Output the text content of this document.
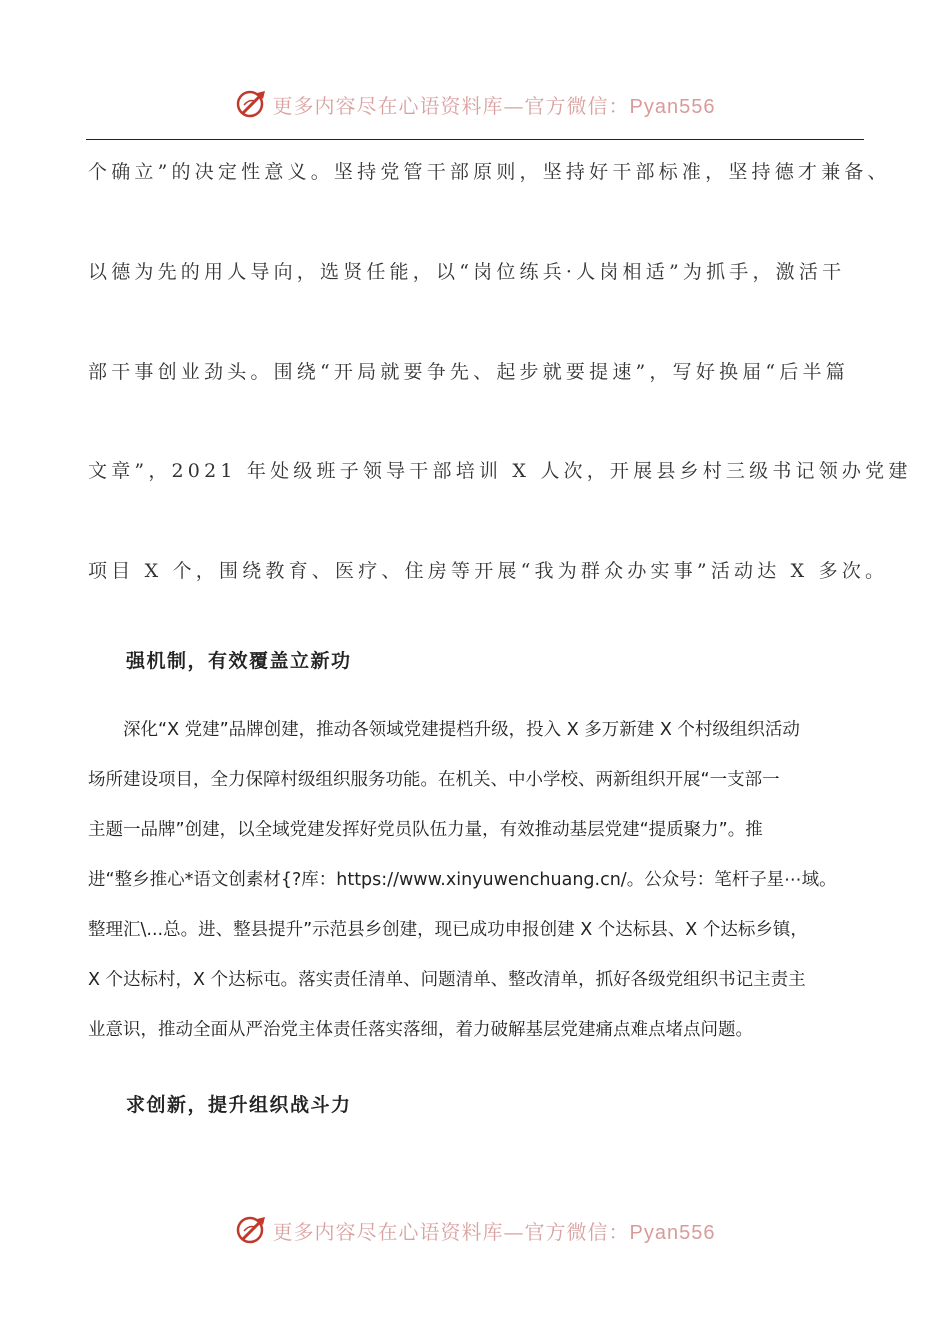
更多内容尽在心语资料库—官方微信：Pyan556
个确立”的决定性意义。坚持党管干部原则，坚持好干部标准，坚持德才兼备、
以德为先的用人导向，选贤任能，以“岗位练兵·人岗相适”为抓手，激活干
部干事创业劲头。围绕“开局就要争先、起步就要提速”，写好换届“后半篇
文章”，2021 年处级班子领导干部培训 X 人次，开展县乡村三级书记领办党建
项目 X 个，围绕教育、医疗、住房等开展“我为群众办实事”活动达 X 多次。
强机制，有效覆盖立新功
　　深化“X 党建”品牌创建，推动各领域党建提档升级，投入 X 多万新建 X 个村级组织活动
场所建设项目，全力保障村级组织服务功能。在机关、中小学校、两新组织开展“一支部一
主题一品牌”创建，以全域党建发挥好党员队伍力量，有效推动基层党建“提质聚力”。推
进“整乡推心*语文创素材{?库：https://www.xinyuwenchuang.cn/。公众号：笔杆子星⋯域。
整理汇\...总。进、整县提升”示范县乡创建，现已成功申报创建 X 个达标县、X 个达标乡镇，
X 个达标村，X 个达标屯。落实责任清单、问题清单、整改清单，抓好各级党组织书记主责主
业意识，推动全面从严治党主体责任落实落细，着力破解基层党建痛点难点堵点问题。
求创新，提升组织战斗力
更多内容尽在心语资料库—官方微信：Pyan556
